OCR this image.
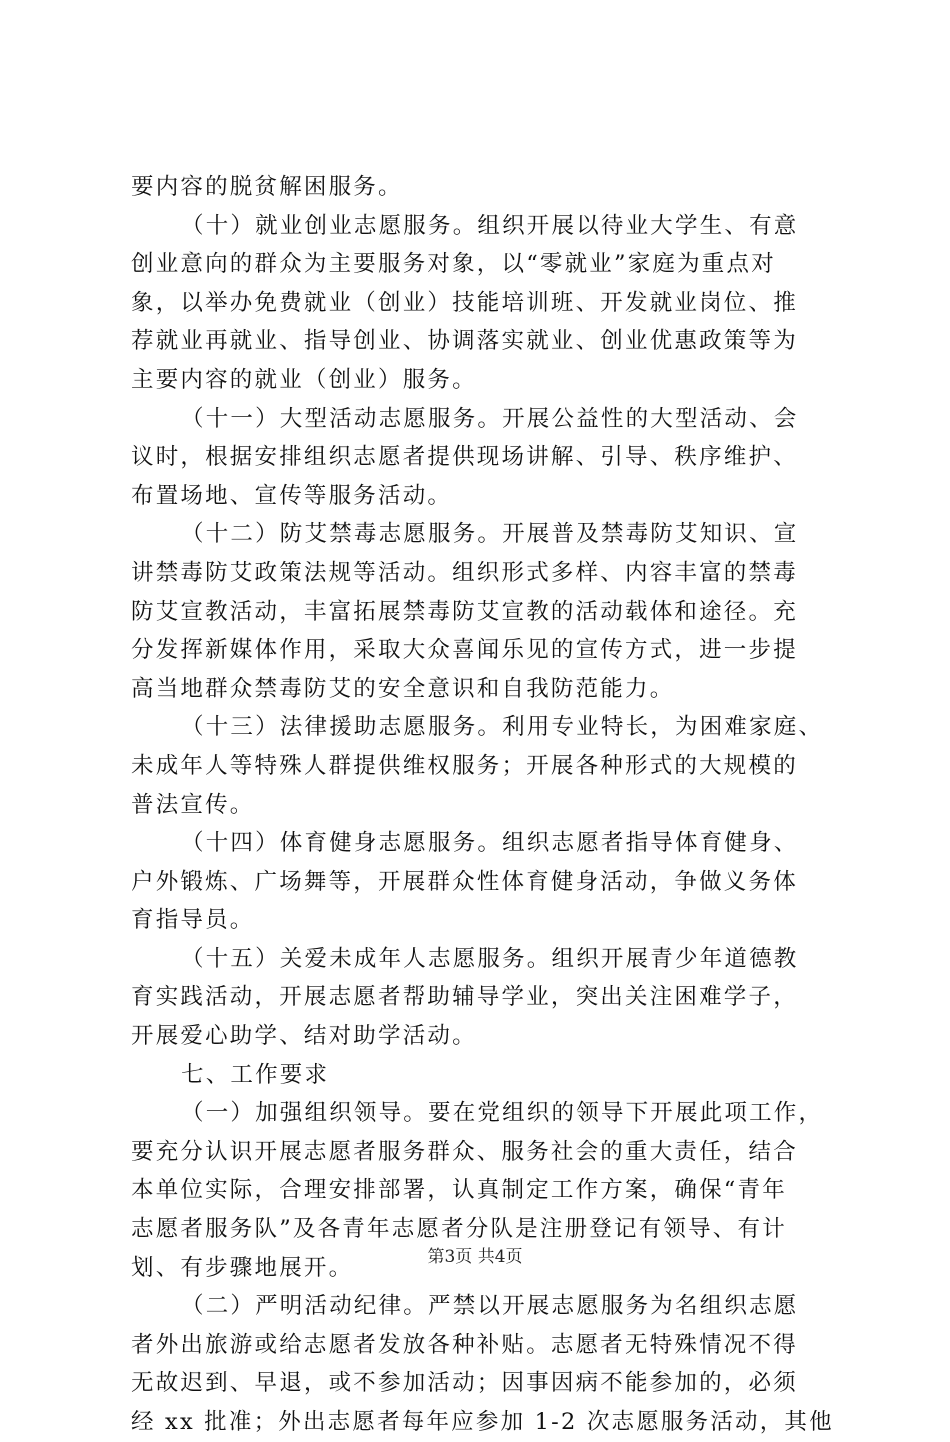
要内容的脱贫解困服务。
（十）就业创业志愿服务。组织开展以待业大学生、有意
创业意向的群众为主要服务对象，以“零就业”家庭为重点对
象，以举办免费就业（创业）技能培训班、开发就业岗位、推
荐就业再就业、指导创业、协调落实就业、创业优惠政策等为
主要内容的就业（创业）服务。
（十一）大型活动志愿服务。开展公益性的大型活动、会
议时，根据安排组织志愿者提供现场讲解、引导、秩序维护、
布置场地、宣传等服务活动。
（十二）防艾禁毒志愿服务。开展普及禁毒防艾知识、宣
讲禁毒防艾政策法规等活动。组织形式多样、内容丰富的禁毒
防艾宣教活动，丰富拓展禁毒防艾宣教的活动载体和途径。充
分发挥新媒体作用，采取大众喜闻乐见的宣传方式，进一步提
高当地群众禁毒防艾的安全意识和自我防范能力。
（十三）法律援助志愿服务。利用专业特长，为困难家庭、
未成年人等特殊人群提供维权服务；开展各种形式的大规模的
普法宣传。
（十四）体育健身志愿服务。组织志愿者指导体育健身、
户外锻炼、广场舞等，开展群众性体育健身活动，争做义务体
育指导员。
（十五）关爱未成年人志愿服务。组织开展青少年道德教
育实践活动，开展志愿者帮助辅导学业，突出关注困难学子，
开展爱心助学、结对助学活动。
七、工作要求
（一）加强组织领导。要在党组织的领导下开展此项工作，
要充分认识开展志愿者服务群众、服务社会的重大责任，结合
本单位实际，合理安排部署，认真制定工作方案，确保“青年
志愿者服务队”及各青年志愿者分队是注册登记有领导、有计
划、有步骤地展开。
（二）严明活动纪律。严禁以开展志愿服务为名组织志愿
者外出旅游或给志愿者发放各种补贴。志愿者无特殊情况不得
无故迟到、早退，或不参加活动；因事因病不能参加的，必须
经 xx 批准；外出志愿者每年应参加 1-2 次志愿服务活动，其他
第3页 共4页
